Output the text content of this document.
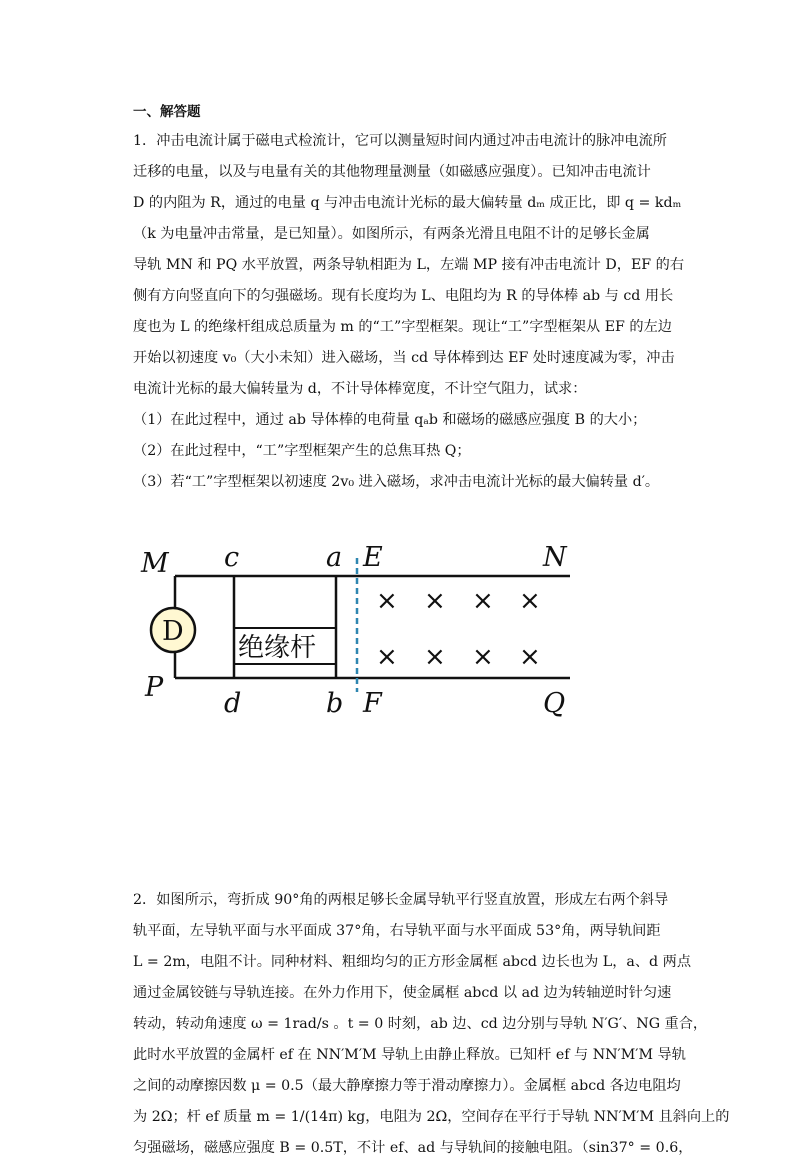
一、解答题

1．冲击电流计属于磁电式检流计，它可以测量短时间内通过冲击电流计的脉冲电流所

迁移的电量，以及与电量有关的其他物理量测量（如磁感应强度）。已知冲击电流计

D 的内阻为 R，通过的电量 q 与冲击电流计光标的最大偏转量 dₘ 成正比，即 q = kdₘ

（k 为电量冲击常量，是已知量）。如图所示，有两条光滑且电阻不计的足够长金属

导轨 MN 和 PQ 水平放置，两条导轨相距为 L，左端 MP 接有冲击电流计 D，EF 的右

侧有方向竖直向下的匀强磁场。现有长度均为 L、电阻均为 R 的导体棒 ab 与 cd 用长

度也为 L 的绝缘杆组成总质量为 m 的“工”字型框架。现让“工”字型框架从 EF 的左边

开始以初速度 v₀（大小未知）进入磁场，当 cd 导体棒到达 EF 处时速度减为零，冲击

电流计光标的最大偏转量为 d，不计导体棒宽度，不计空气阻力，试求：

（1）在此过程中，通过 ab 导体棒的电荷量 qₐb 和磁场的磁感应强度 B 的大小；

（2）在此过程中，“工”字型框架产生的总焦耳热 Q；

（3）若“工”字型框架以初速度 2v₀ 进入磁场，求冲击电流计光标的最大偏转量 d′。

D
绝缘杆
× × × ×
× × × ×
M
P
c
d
a
b
E
F
N
Q

2．如图所示，弯折成 90°角的两根足够长金属导轨平行竖直放置，形成左右两个斜导

轨平面，左导轨平面与水平面成 37°角，右导轨平面与水平面成 53°角，两导轨间距

L = 2m，电阻不计。同种材料、粗细均匀的正方形金属框 abcd 边长也为 L，a、d 两点

通过金属铰链与导轨连接。在外力作用下，使金属框 abcd 以 ad 边为转轴逆时针匀速

转动，转动角速度 ω = 1rad/s 。t = 0 时刻，ab 边、cd 边分别与导轨 N′G′、NG 重合，

此时水平放置的金属杆 ef 在 NN′M′M 导轨上由静止释放。已知杆 ef 与 NN′M′M 导轨

之间的动摩擦因数 μ = 0.5（最大静摩擦力等于滑动摩擦力）。金属框 abcd 各边电阻均

为 2Ω；杆 ef 质量 m = 1/(14π) kg，电阻为 2Ω，空间存在平行于导轨 NN′M′M 且斜向上的

匀强磁场，磁感应强度 B = 0.5T，不计 ef、ad 与导轨间的接触电阻。（sin37° = 0.6，
